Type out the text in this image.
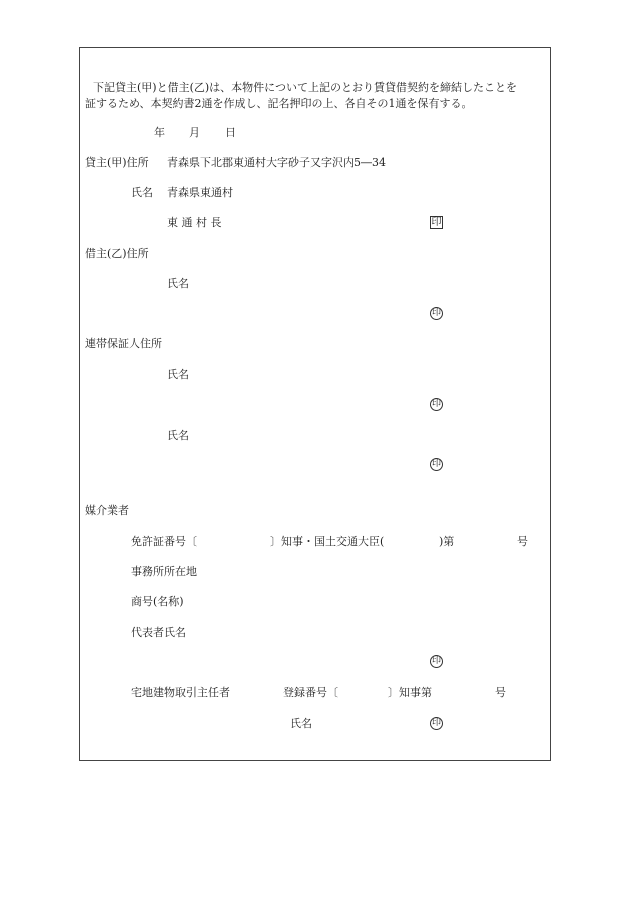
下記貸主(甲)と借主(乙)は、本物件について上記のとおり賃貸借契約を締結したことを
証するため、本契約書2通を作成し、記名押印の上、各自その1通を保有する。
年 月 日
貸主(甲)住所 青森県下北郡東通村大字砂子又字沢内5―34
氏名 青森県東通村
東 通 村 長	印
借主(乙)住所
氏名
印
連帯保証人住所
氏名
印
氏名
印
媒介業者
免許証番号〔	〕知事・国土交通大臣(	)第	号
事務所所在地
商号(名称)
代表者氏名
印
宅地建物取引主任者	登録番号〔	〕知事第	号
氏名	印
